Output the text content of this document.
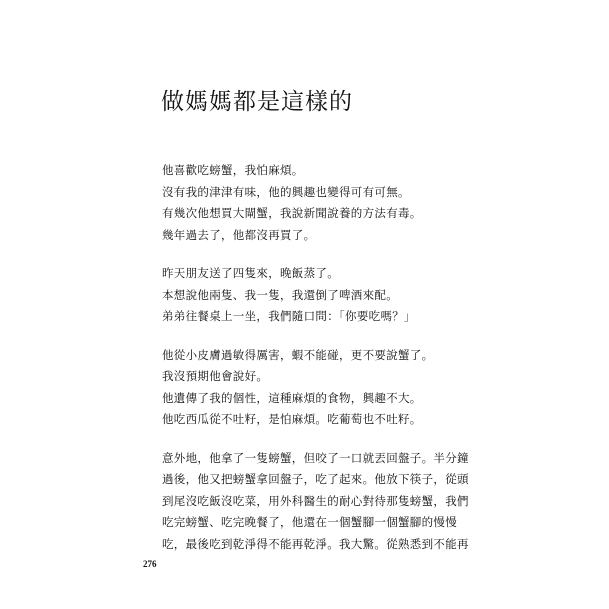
做媽媽都是這樣的
他喜歡吃螃蟹，我怕麻煩。
沒有我的津津有味，他的興趣也變得可有可無。
有幾次他想買大閘蟹，我說新聞說養的方法有毒。
幾年過去了，他都沒再買了。
昨天朋友送了四隻來，晚飯蒸了。
本想說他兩隻、我一隻，我還倒了啤酒來配。
弟弟往餐桌上一坐，我們隨口問：「你要吃嗎？」
他從小皮膚過敏得厲害，蝦不能碰，更不要說蟹了。
我沒預期他會說好。
他遺傳了我的個性，這種麻煩的食物，興趣不大。
他吃西瓜從不吐籽，是怕麻煩。吃葡萄也不吐籽。
意外地，他拿了一隻螃蟹，但咬了一口就丟回盤子。半分鐘
過後，他又把螃蟹拿回盤子，吃了起來。他放下筷子，從頭
到尾沒吃飯沒吃菜，用外科醫生的耐心對待那隻螃蟹，我們
吃完螃蟹、吃完晚餐了，他還在一個蟹腳一個蟹腳的慢慢
吃，最後吃到乾淨得不能再乾淨。我大驚。從熟悉到不能再
276
